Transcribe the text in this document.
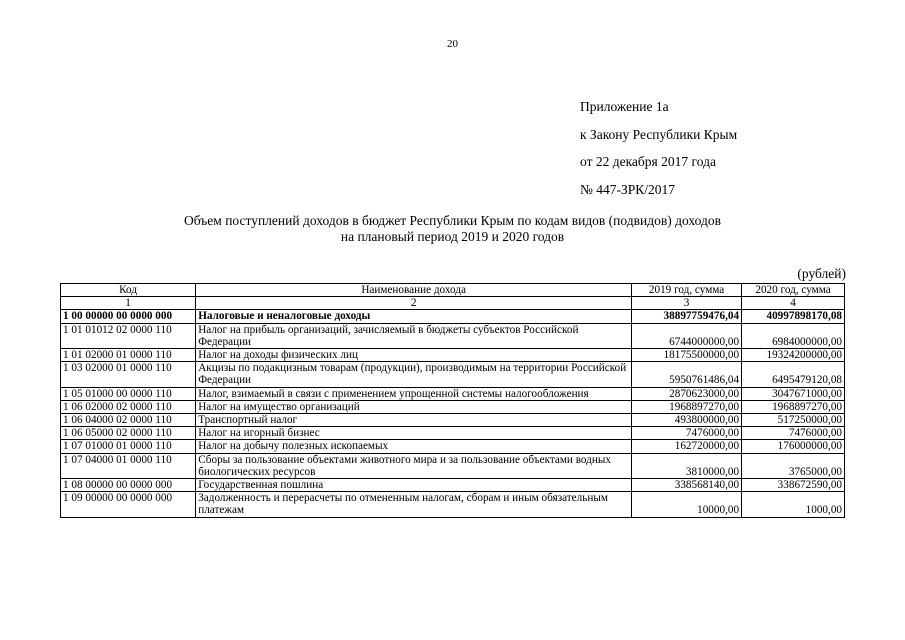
20
Приложение 1а
к Закону Республики Крым
от 22 декабря 2017 года
№ 447-ЗРК/2017
Объем поступлений доходов в бюджет Республики Крым по кодам видов (подвидов) доходов
на плановый период 2019 и 2020 годов
(рублей)
Код	Наименование дохода	2019 год, сумма	2020 год, сумма
1	2	3	4
1 00 00000 00 0000 000	Налоговые и неналоговые доходы	38897759476,04	40997898170,08
1 01 01012 02 0000 110	Налог на прибыль организаций, зачисляемый в бюджеты субъектов Российской Федерации	6744000000,00	6984000000,00
1 01 02000 01 0000 110	Налог на доходы физических лиц	18175500000,00	19324200000,00
1 03 02000 01 0000 110	Акцизы по подакцизным товарам (продукции), производимым на территории Российской Федерации	5950761486,04	6495479120,08
1 05 01000 00 0000 110	Налог, взимаемый в связи с применением упрощенной системы налогообложения	2870623000,00	3047671000,00
1 06 02000 02 0000 110	Налог на имущество организаций	1968897270,00	1968897270,00
1 06 04000 02 0000 110	Транспортный налог	493800000,00	517250000,00
1 06 05000 02 0000 110	Налог на игорный бизнес	7476000,00	7476000,00
1 07 01000 01 0000 110	Налог на добычу полезных ископаемых	162720000,00	176000000,00
1 07 04000 01 0000 110	Сборы за пользование объектами животного мира и за пользование объектами водных биологических ресурсов	3810000,00	3765000,00
1 08 00000 00 0000 000	Государственная пошлина	338568140,00	338672590,00
1 09 00000 00 0000 000	Задолженность и перерасчеты по отмененным налогам, сборам и иным обязательным платежам	10000,00	1000,00
